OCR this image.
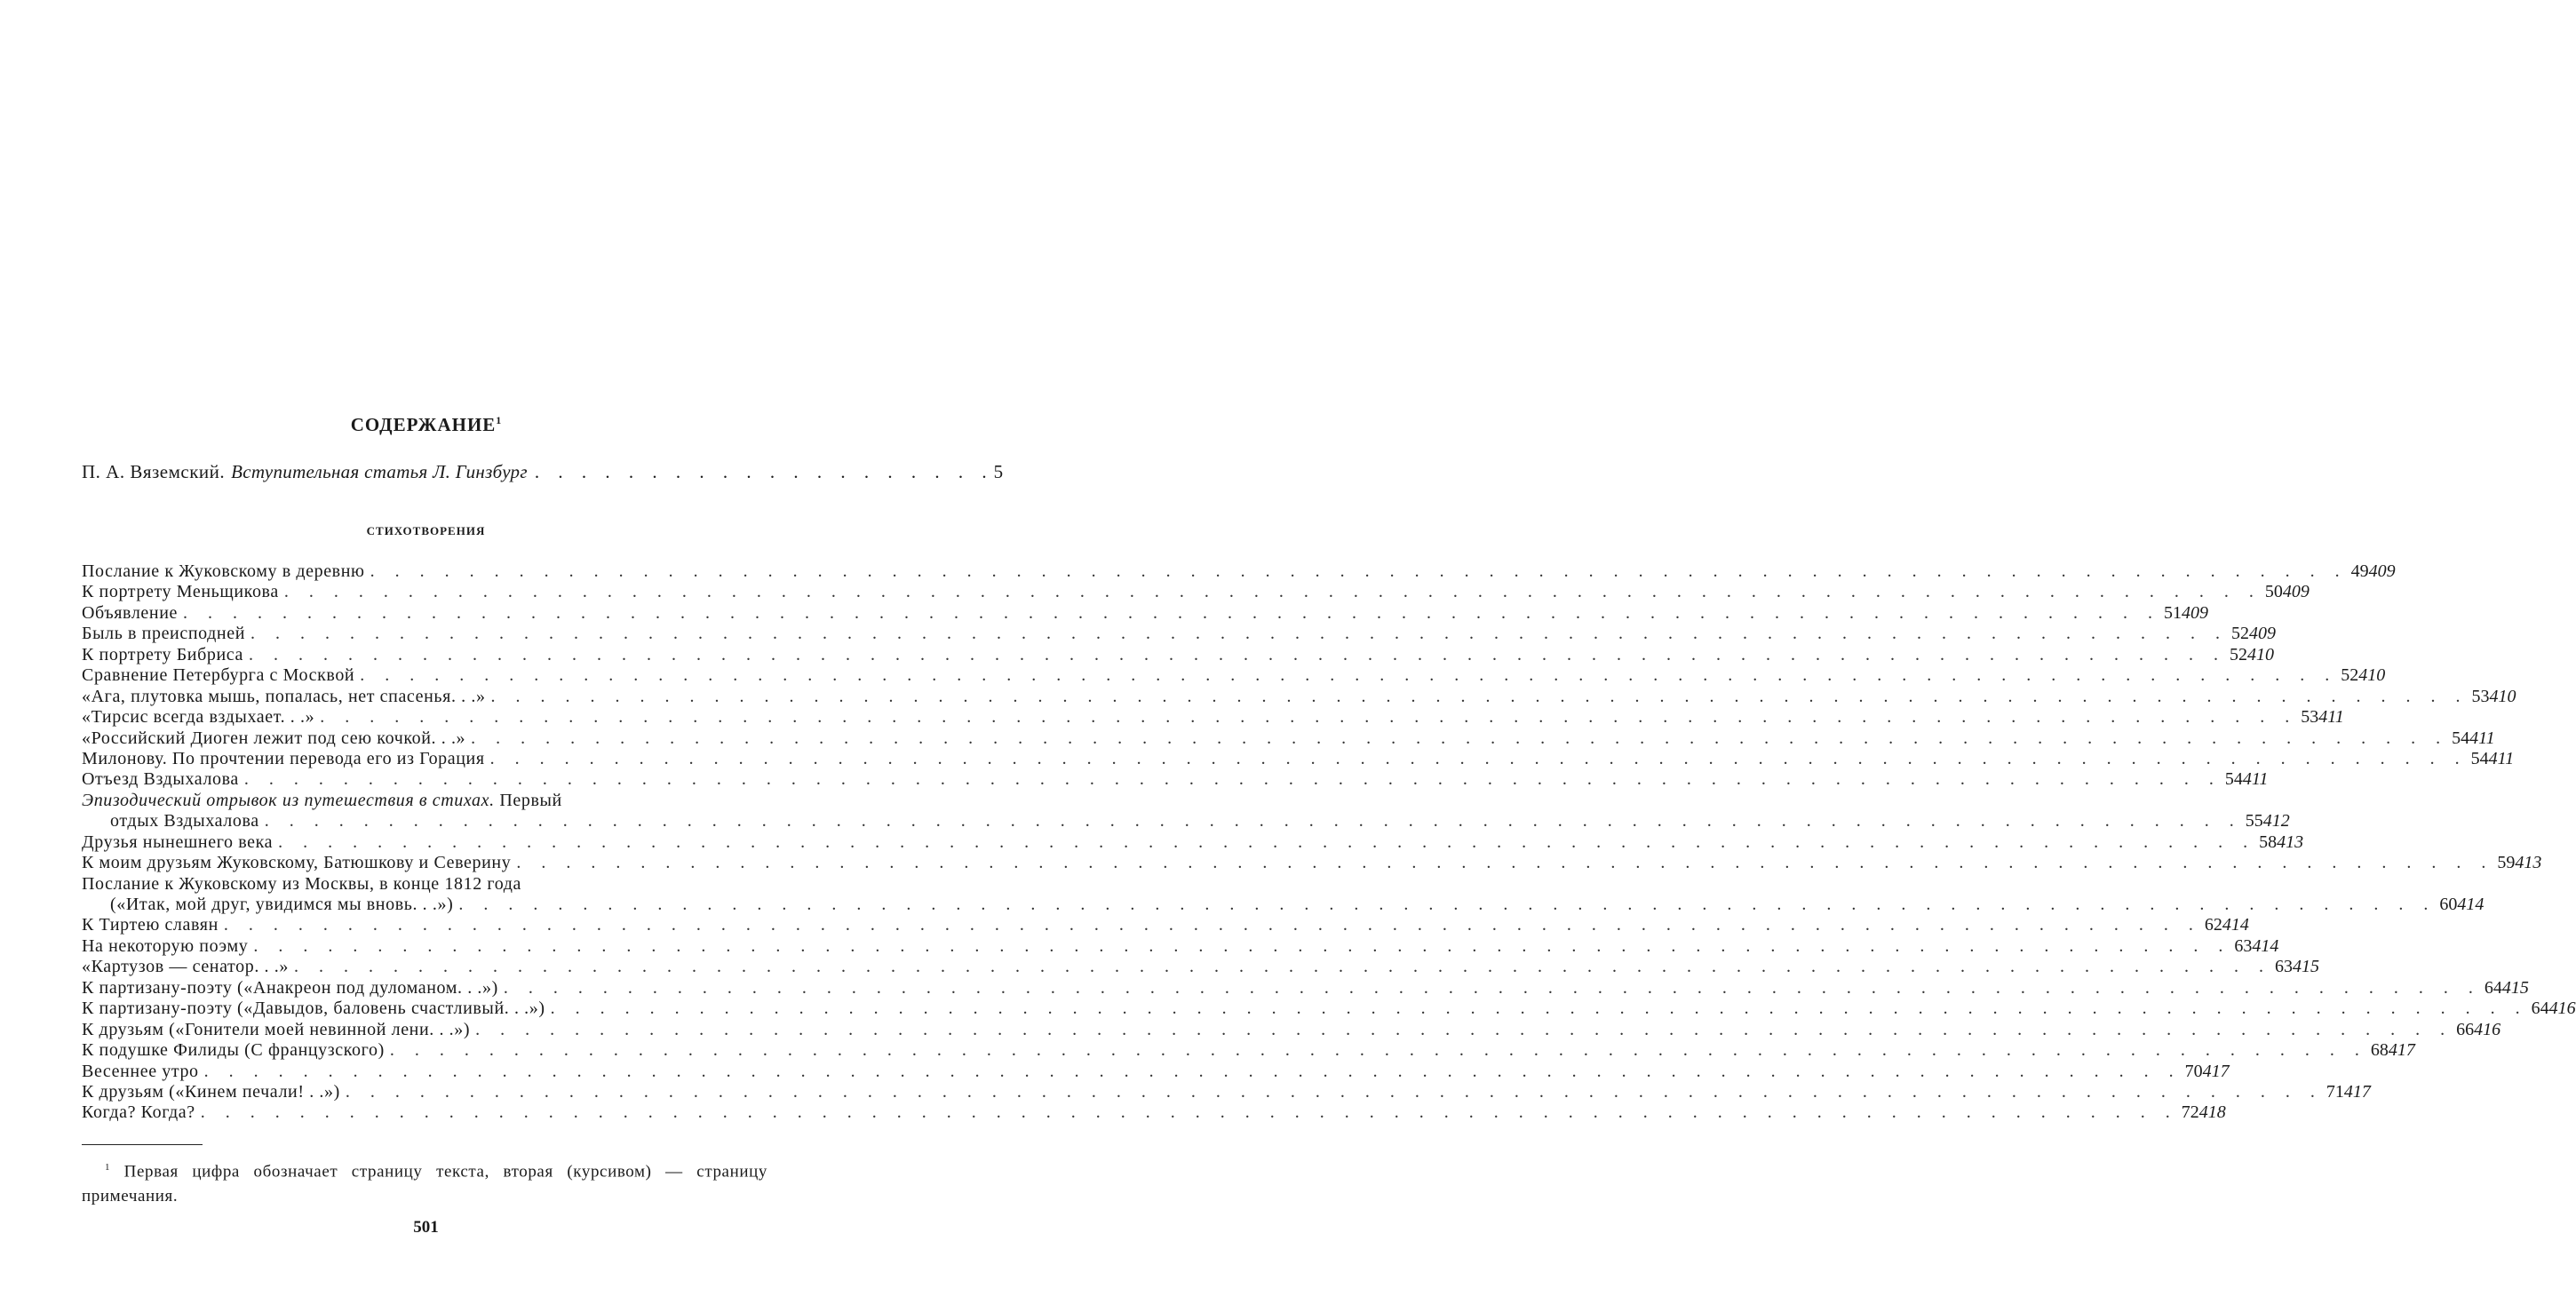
СОДЕРЖАНИЕ$^1$
П. А. Вяземский. Вступительная статья Л. Гинзбург . . . . . . . . . . . . . . . . . . . . 5
СТИХОТВОРЕНИЯ
Послание к Жуковскому в деревню . . . . . . . . . . . . . . . . . . . . . . . . . . . . . . . . . . . . . . . . . . . . . . . . . . . . . . . . . . . . . . . . . . . . . . . . . . . . . . . . 49 409
К портрету Меньщикова . . . . . . . . . . . . . . . . . . . . . . . . . . . . . . . . . . . . . . . . . . . . . . . . . . . . . . . . . . . . . . . . . . . . . . . . . . . . . . . . 50 409
Объявление . . . . . . . . . . . . . . . . . . . . . . . . . . . . . . . . . . . . . . . . . . . . . . . . . . . . . . . . . . . . . . . . . . . . . . . . . . . . . . . . 51 409
Быль в преисподней . . . . . . . . . . . . . . . . . . . . . . . . . . . . . . . . . . . . . . . . . . . . . . . . . . . . . . . . . . . . . . . . . . . . . . . . . . . . . . . . 52 409
К портрету Бибриса . . . . . . . . . . . . . . . . . . . . . . . . . . . . . . . . . . . . . . . . . . . . . . . . . . . . . . . . . . . . . . . . . . . . . . . . . . . . . . . . 52 410
Сравнение Петербурга с Москвой . . . . . . . . . . . . . . . . . . . . . . . . . . . . . . . . . . . . . . . . . . . . . . . . . . . . . . . . . . . . . . . . . . . . . . . . . . . . . . . . 52 410
«Ага, плутовка мышь, попалась, нет спасенья. . .» . . . . . . . . . . . . . . . . . . . . . . . . . . . . . . . . . . . . . . . . . . . . . . . . . . . . . . . . . . . . . . . . . . . . . . . . . . . . . . . . 53 410
«Тирсис всегда вздыхает. . .» . . . . . . . . . . . . . . . . . . . . . . . . . . . . . . . . . . . . . . . . . . . . . . . . . . . . . . . . . . . . . . . . . . . . . . . . . . . . . . . . 53 411
«Российский Диоген лежит под сею кочкой. . .» . . . . . . . . . . . . . . . . . . . . . . . . . . . . . . . . . . . . . . . . . . . . . . . . . . . . . . . . . . . . . . . . . . . . . . . . . . . . . . . . 54 411
Милонову. По прочтении перевода его из Горация . . . . . . . . . . . . . . . . . . . . . . . . . . . . . . . . . . . . . . . . . . . . . . . . . . . . . . . . . . . . . . . . . . . . . . . . . . . . . . . . 54 411
Отъезд Вздыхалова . . . . . . . . . . . . . . . . . . . . . . . . . . . . . . . . . . . . . . . . . . . . . . . . . . . . . . . . . . . . . . . . . . . . . . . . . . . . . . . . 54 411
Эпизодический отрывок из путешествия в стихах. Первый
отдых Вздыхалова . . . . . . . . . . . . . . . . . . . . . . . . . . . . . . . . . . . . . . . . . . . . . . . . . . . . . . . . . . . . . . . . . . . . . . . . . . . . . . . . 55 412
Друзья нынешнего века . . . . . . . . . . . . . . . . . . . . . . . . . . . . . . . . . . . . . . . . . . . . . . . . . . . . . . . . . . . . . . . . . . . . . . . . . . . . . . . . 58 413
К моим друзьям Жуковскому, Батюшкову и Северину . . . . . . . . . . . . . . . . . . . . . . . . . . . . . . . . . . . . . . . . . . . . . . . . . . . . . . . . . . . . . . . . . . . . . . . . . . . . . . . . 59 413
Послание к Жуковскому из Москвы, в конце 1812 года
(«Итак, мой друг, увидимся мы вновь. . .») . . . . . . . . . . . . . . . . . . . . . . . . . . . . . . . . . . . . . . . . . . . . . . . . . . . . . . . . . . . . . . . . . . . . . . . . . . . . . . . . 60 414
К Тиртею славян . . . . . . . . . . . . . . . . . . . . . . . . . . . . . . . . . . . . . . . . . . . . . . . . . . . . . . . . . . . . . . . . . . . . . . . . . . . . . . . . 62 414
На некоторую поэму . . . . . . . . . . . . . . . . . . . . . . . . . . . . . . . . . . . . . . . . . . . . . . . . . . . . . . . . . . . . . . . . . . . . . . . . . . . . . . . . 63 414
«Картузов — сенатор. . .» . . . . . . . . . . . . . . . . . . . . . . . . . . . . . . . . . . . . . . . . . . . . . . . . . . . . . . . . . . . . . . . . . . . . . . . . . . . . . . . . 63 415
К партизану-поэту («Анакреон под дуломаном. . .») . . . . . . . . . . . . . . . . . . . . . . . . . . . . . . . . . . . . . . . . . . . . . . . . . . . . . . . . . . . . . . . . . . . . . . . . . . . . . . . . 64 415
К партизану-поэту («Давыдов, баловень счастливый. . .») . . . . . . . . . . . . . . . . . . . . . . . . . . . . . . . . . . . . . . . . . . . . . . . . . . . . . . . . . . . . . . . . . . . . . . . . . . . . . . . . 64 416
К друзьям («Гонители моей невинной лени. . .») . . . . . . . . . . . . . . . . . . . . . . . . . . . . . . . . . . . . . . . . . . . . . . . . . . . . . . . . . . . . . . . . . . . . . . . . . . . . . . . . 66 416
К подушке Филиды (С французского) . . . . . . . . . . . . . . . . . . . . . . . . . . . . . . . . . . . . . . . . . . . . . . . . . . . . . . . . . . . . . . . . . . . . . . . . . . . . . . . . 68 417
Весеннее утро . . . . . . . . . . . . . . . . . . . . . . . . . . . . . . . . . . . . . . . . . . . . . . . . . . . . . . . . . . . . . . . . . . . . . . . . . . . . . . . . 70 417
К друзьям («Кинем печали! . .») . . . . . . . . . . . . . . . . . . . . . . . . . . . . . . . . . . . . . . . . . . . . . . . . . . . . . . . . . . . . . . . . . . . . . . . . . . . . . . . . 71 417
Когда? Когда? . . . . . . . . . . . . . . . . . . . . . . . . . . . . . . . . . . . . . . . . . . . . . . . . . . . . . . . . . . . . . . . . . . . . . . . . . . . . . . . . 72 418
$^1$ Первая цифра обозначает страницу текста, вторая (курсивом) — страницу примечания.
501
